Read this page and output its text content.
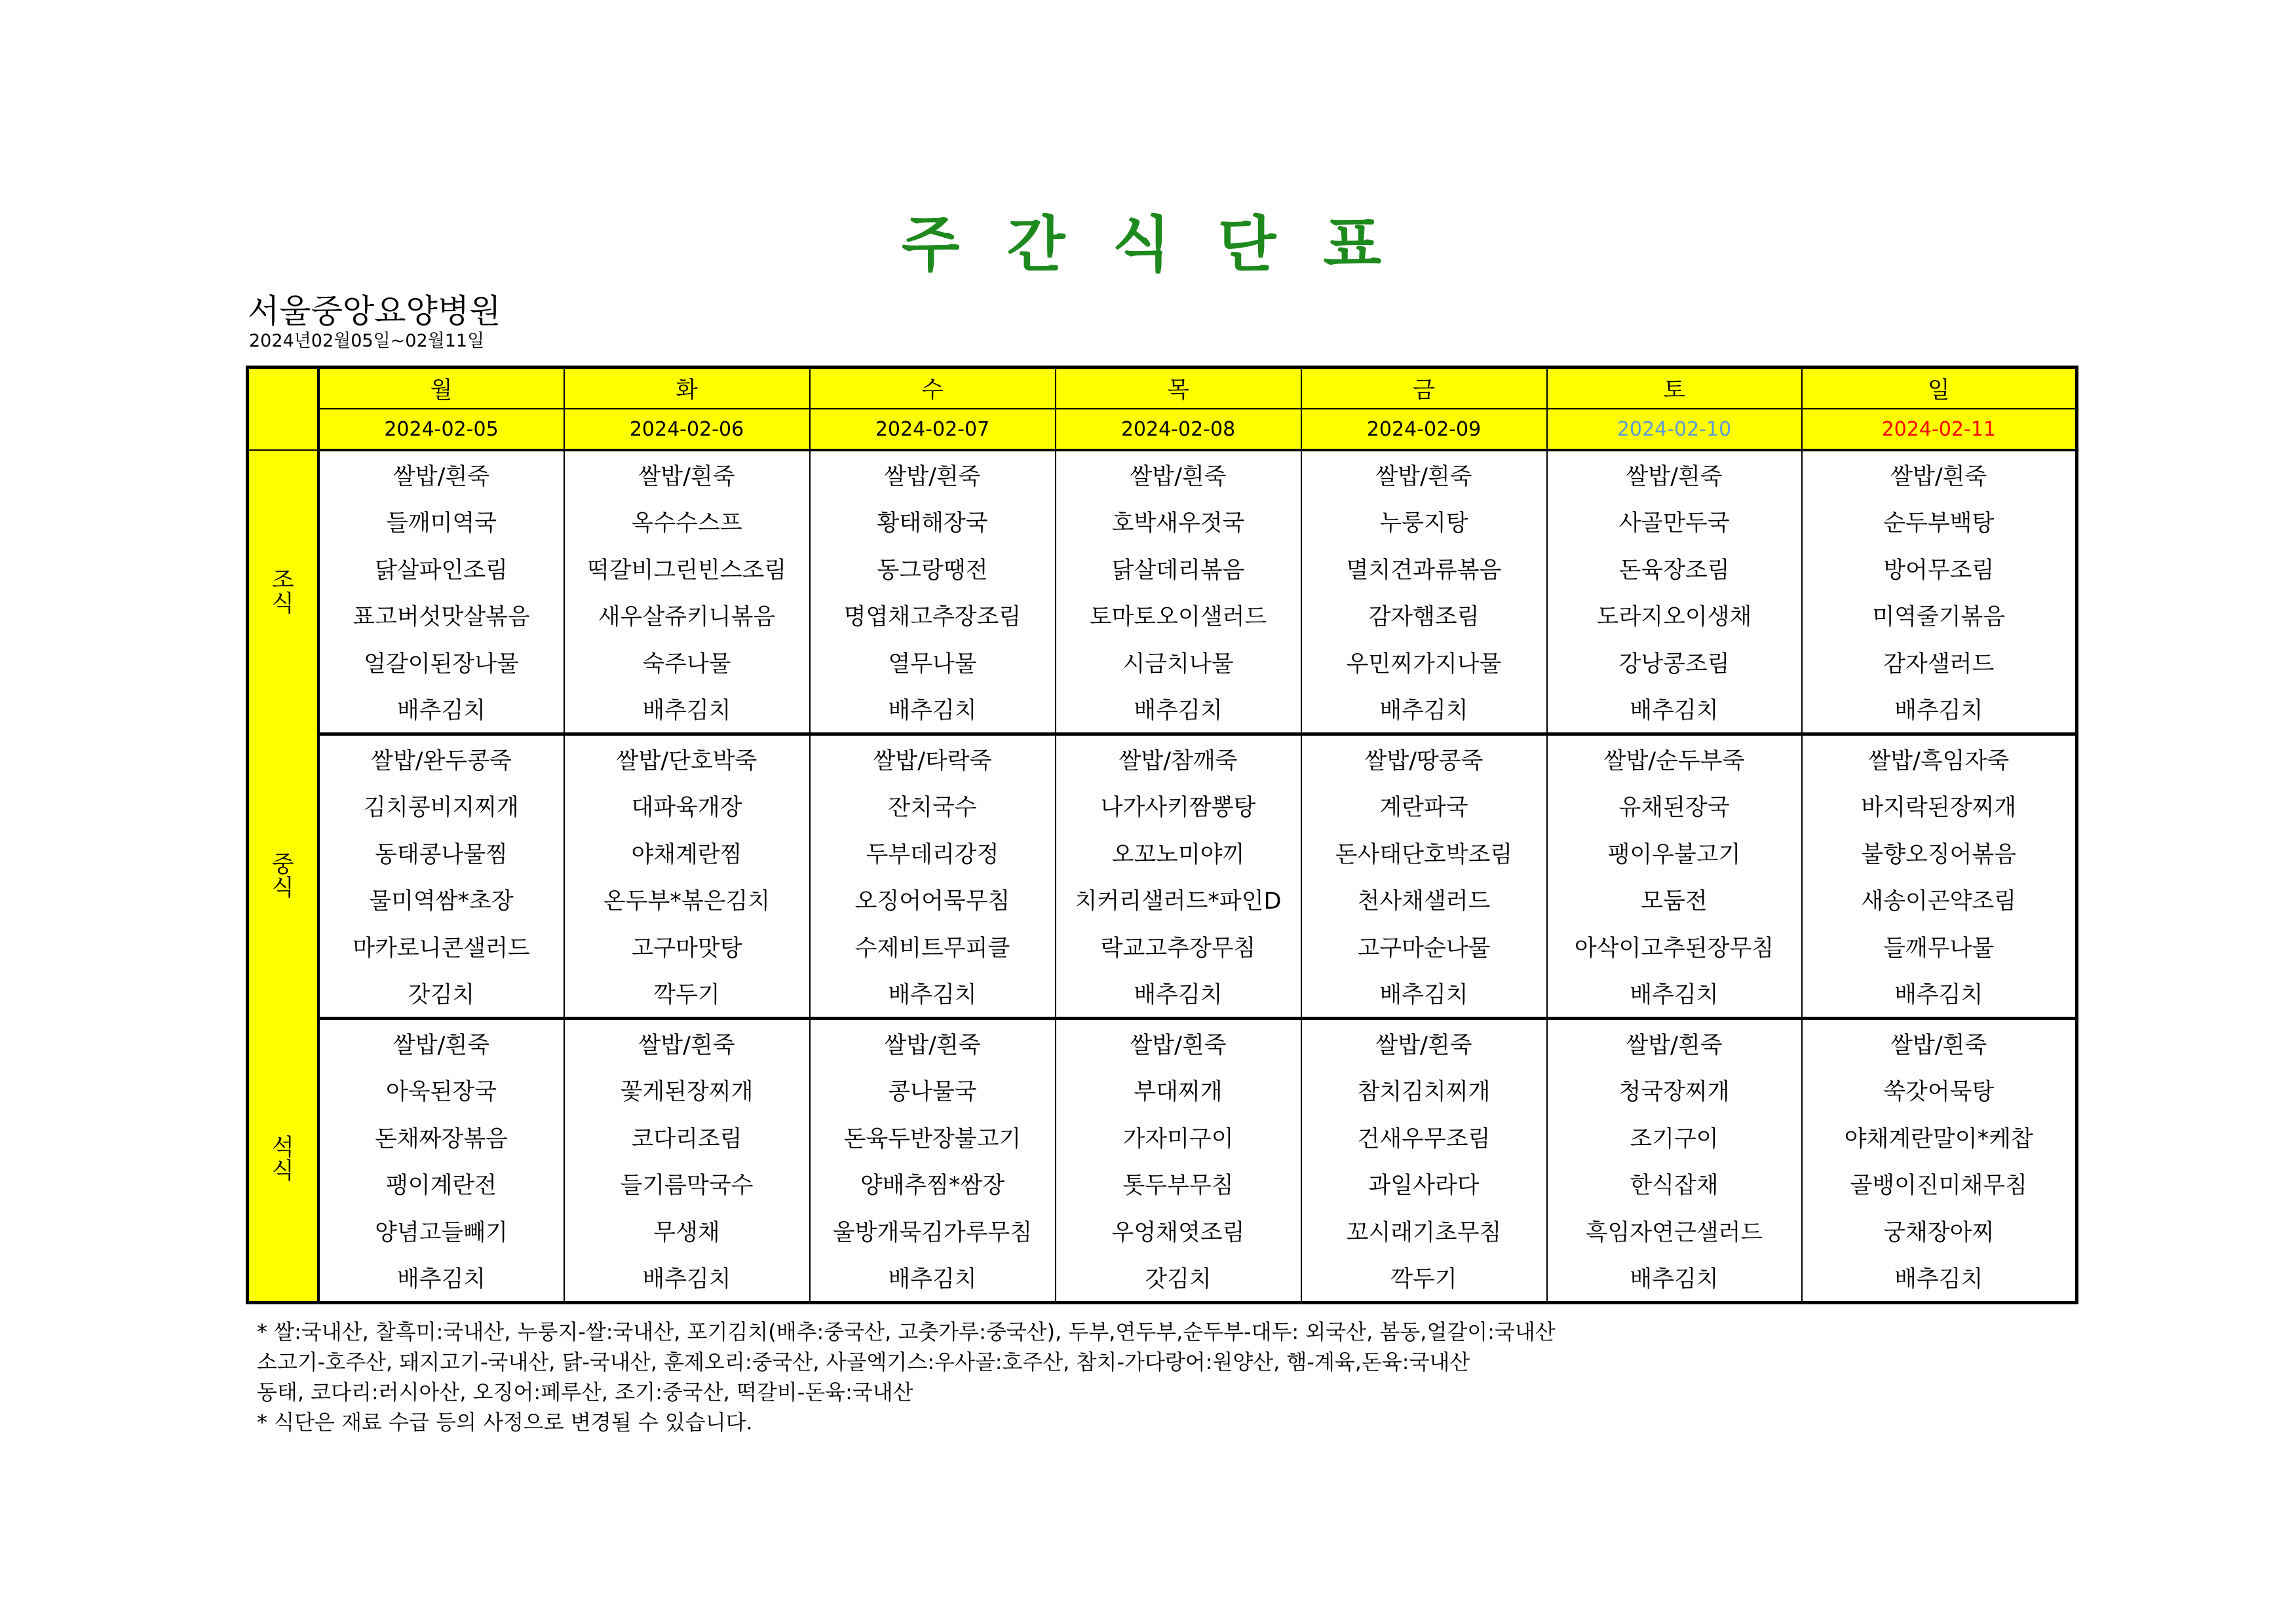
주 간 식 단 표
서울중앙요양병원
2024년02월05일~02월11일
	월	화	수	목	금	토	일
	2024-02-05	2024-02-06	2024-02-07	2024-02-08	2024-02-09	2024-02-10	2024-02-11
조
식	쌀밥/흰죽	쌀밥/흰죽	쌀밥/흰죽	쌀밥/흰죽	쌀밥/흰죽	쌀밥/흰죽	쌀밥/흰죽
	들깨미역국	옥수수스프	황태해장국	호박새우젓국	누룽지탕	사골만두국	순두부백탕
	닭살파인조림	떡갈비그린빈스조림	동그랑땡전	닭살데리볶음	멸치견과류볶음	돈육장조림	방어무조림
	표고버섯맛살볶음	새우살쥬키니볶음	명엽채고추장조림	토마토오이샐러드	감자햄조림	도라지오이생채	미역줄기볶음
	얼갈이된장나물	숙주나물	열무나물	시금치나물	우민찌가지나물	강낭콩조림	감자샐러드
	배추김치	배추김치	배추김치	배추김치	배추김치	배추김치	배추김치
중
식	쌀밥/완두콩죽	쌀밥/단호박죽	쌀밥/타락죽	쌀밥/참깨죽	쌀밥/땅콩죽	쌀밥/순두부죽	쌀밥/흑임자죽
	김치콩비지찌개	대파육개장	잔치국수	나가사키짬뽕탕	계란파국	유채된장국	바지락된장찌개
	동태콩나물찜	야채계란찜	두부데리강정	오꼬노미야끼	돈사태단호박조림	팽이우불고기	불향오징어볶음
	물미역쌈*초장	온두부*볶은김치	오징어어묵무침	치커리샐러드*파인D	천사채샐러드	모둠전	새송이곤약조림
	마카로니콘샐러드	고구마맛탕	수제비트무피클	락교고추장무침	고구마순나물	아삭이고추된장무침	들깨무나물
	갓김치	깍두기	배추김치	배추김치	배추김치	배추김치	배추김치
석
식	쌀밥/흰죽	쌀밥/흰죽	쌀밥/흰죽	쌀밥/흰죽	쌀밥/흰죽	쌀밥/흰죽	쌀밥/흰죽
	아욱된장국	꽃게된장찌개	콩나물국	부대찌개	참치김치찌개	청국장찌개	쑥갓어묵탕
	돈채짜장볶음	코다리조림	돈육두반장불고기	가자미구이	건새우무조림	조기구이	야채계란말이*케찹
	팽이계란전	들기름막국수	양배추찜*쌈장	톳두부무침	과일사라다	한식잡채	골뱅이진미채무침
	양념고들빼기	무생채	울방개묵김가루무침	우엉채엿조림	꼬시래기초무침	흑임자연근샐러드	궁채장아찌
	배추김치	배추김치	배추김치	갓김치	깍두기	배추김치	배추김치
* 쌀:국내산, 찰흑미:국내산, 누룽지-쌀:국내산, 포기김치(배추:중국산, 고춧가루:중국산), 두부,연두부,순두부-대두: 외국산, 봄동,얼갈이:국내산
소고기-호주산, 돼지고기-국내산, 닭-국내산, 훈제오리:중국산, 사골엑기스:우사골:호주산, 참치-가다랑어:원양산, 햄-계육,돈육:국내산
동태, 코다리:러시아산, 오징어:페루산, 조기:중국산, 떡갈비-돈육:국내산
* 식단은 재료 수급 등의 사정으로 변경될 수 있습니다.
